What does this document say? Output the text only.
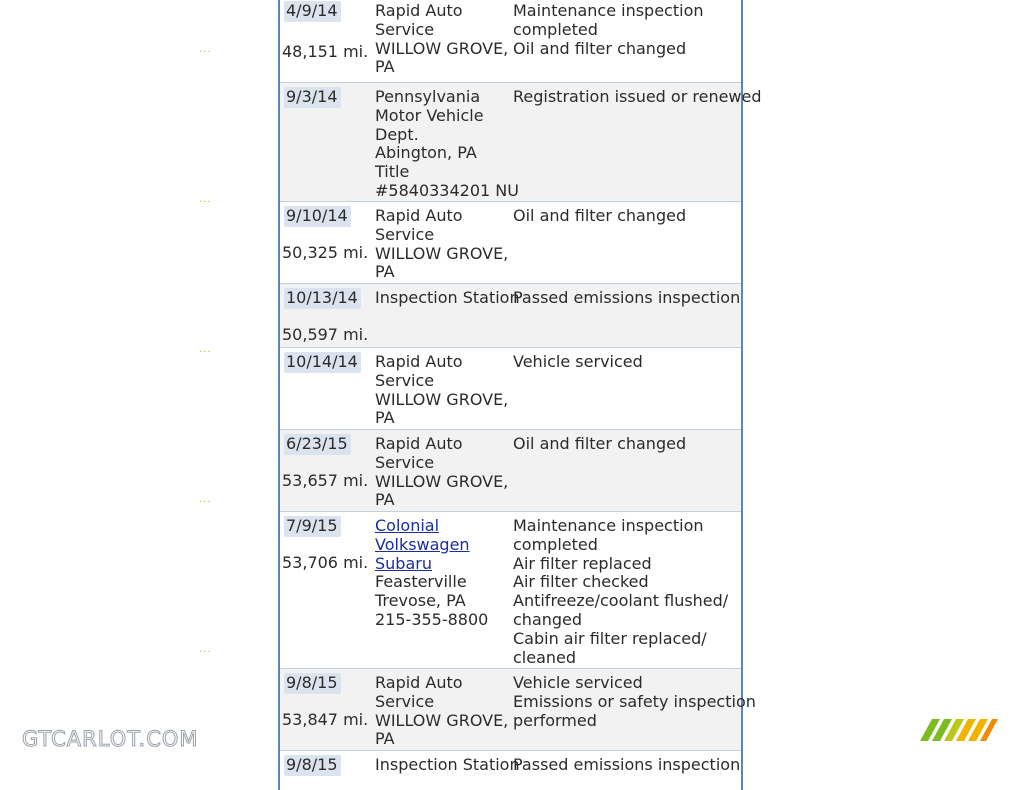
...
...
...
...
...
4/9/14
48,151 mi.
Rapid Auto
Service
WILLOW GROVE,
PA
Maintenance inspection
completed
Oil and filter changed
9/3/14 Pennsylvania
Motor Vehicle
Dept.
Abington, PA
Title
#5840334201 NU
Registration issued or renewed
9/10/14
50,325 mi.
Rapid Auto
Service
WILLOW GROVE,
PA
Oil and filter changed
10/13/14
50,597 mi.
Inspection Station
Passed emissions inspection
10/14/14 Rapid Auto
Service
WILLOW GROVE,
PA
Vehicle serviced
6/23/15
53,657 mi.
Rapid Auto
Service
WILLOW GROVE,
PA
Oil and filter changed
7/9/15
53,706 mi.
Colonial
Volkswagen
Subaru
Feasterville
Trevose, PA
215-355-8800
Maintenance inspection
completed
Air filter replaced
Air filter checked
Antifreeze/coolant flushed/
changed
Cabin air filter replaced/
cleaned
9/8/15
53,847 mi.
Rapid Auto
Service
WILLOW GROVE,
PA
Vehicle serviced
Emissions or safety inspection
performed
9/8/15 Inspection Station
Passed emissions inspection
GTCARLOT.COM
